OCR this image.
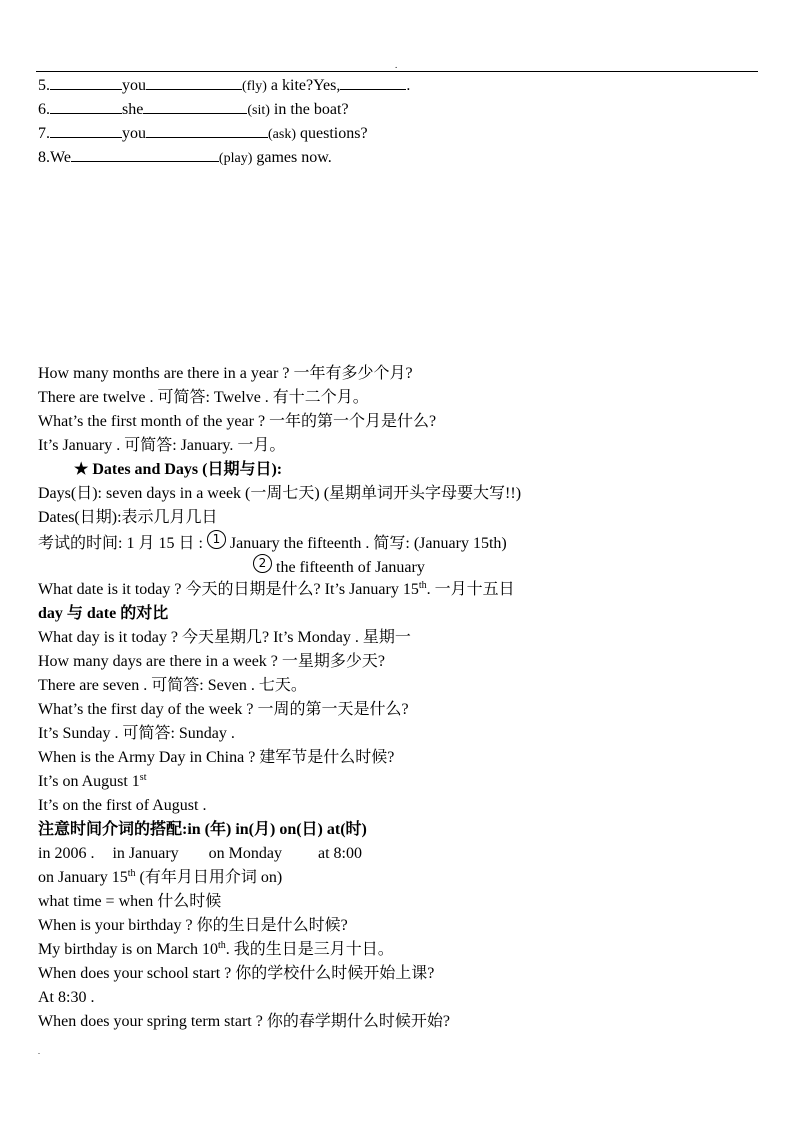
.
5.	you	(fly) a kite?Yes,	.
6.	she	(sit) in the boat?
7.	you	(ask) questions?
8.We	(play) games now.
How many months are there in a year ? 一年有多少个月?
There are twelve . 可简答: Twelve . 有十二个月。
What’s the first month of the year ? 一年的第一个月是什么?
It’s January . 可简答: January. 一月。
★ Dates and Days (日期与日):
Days(日): seven days in a week (一周七天) (星期单词开头字母要大写!!)
Dates(日期):表示几月几日
考试的时间: 1 月 15 日 : 1 January the fifteenth . 简写: (January 15th)
2 the fifteenth of January
What date is it today ? 今天的日期是什么? It’s January 15th. 一月十五日
day 与 date 的对比
What day is it today ? 今天星期几? It’s Monday . 星期一
How many days are there in a week ? 一星期多少天?
There are seven . 可简答: Seven . 七天。
What’s the first day of the week ? 一周的第一天是什么?
It’s Sunday . 可简答: Sunday .
When is the Army Day in China ? 建军节是什么时候?
It’s on August 1st
It’s on the first of August .
注意时间介词的搭配:in (年) in(月) on(日) at(时)
in 2006 . in January on Monday at 8:00
on January 15th (有年月日用介词 on)
what time = when 什么时候
When is your birthday ? 你的生日是什么时候?
My birthday is on March 10th. 我的生日是三月十日。
When does your school start ? 你的学校什么时候开始上课?
At 8:30 .
When does your spring term start ? 你的春学期什么时候开始?
.
